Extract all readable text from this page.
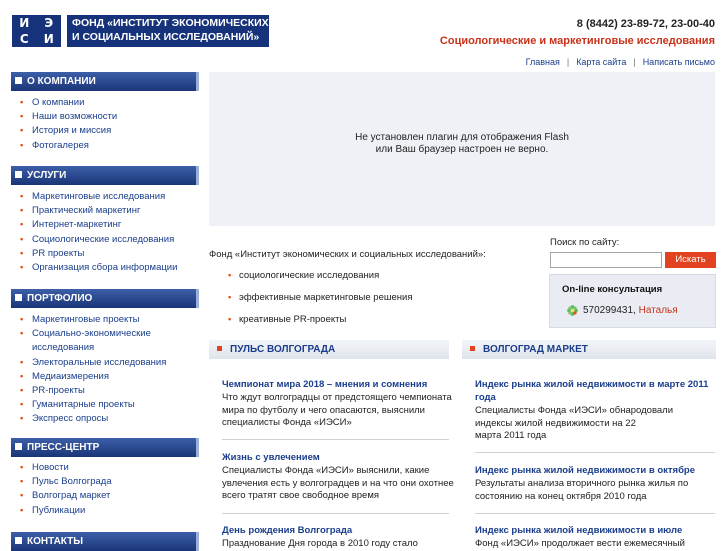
И	Э
С	И
ФОНД «ИНСТИТУТ ЭКОНОМИЧЕСКИХ
И СОЦИАЛЬНЫХ ИССЛЕДОВАНИЙ»
8 (8442) 23-89-72, 23-00-40
Социологические и маркетинговые исследования
Главная | Карта сайта | Написать письмо
О КОМПАНИИ
• О компании
• Наши возможности
• История и миссия
• Фотогалерея
УСЛУГИ
• Маркетинговые исследования
• Практический маркетинг
• Интернет-маркетинг
• Социологические исследования
• PR проекты
• Организация сбора информации
ПОРТФОЛИО
• Маркетинговые проекты
• Социально-экономические
исследования
• Электоральные исследования
• Медиаизмерения
• PR-проекты
• Гуманитарные проекты
• Экспресс опросы
ПРЕСС-ЦЕНТР
• Новости
• Пульс Волгограда
• Волгоград маркет
• Публикации
КОНТАКТЫ
Не установлен плагин для отображения Flash
или Ваш браузер настроен не верно.
Фонд «Институт экономических и социальных исследований»:
• социологические исследования
• эффективные маркетинговые решения
• креативные PR-проекты
Поиск по сайту:
Искать
On-line консультация
570299431, Наталья
ПУЛЬС ВОЛГОГРАДА
Чемпионат мира 2018 – мнения и сомнения
Что ждут волгоградцы от предстоящего чемпионата
мира по футболу и чего опасаются, выяснили
специалисты Фонда «ИЭСИ»
Жизнь с увлечением
Специалисты Фонда «ИЭСИ» выяснили, какие
увлечения есть у волгоградцев и на что они охотнее
всего тратят свое свободное время
День рождения Волгограда
Празднование Дня города в 2010 году стало
ВОЛГОГРАД МАРКЕТ
Индекс рынка жилой недвижимости в марте 2011
года
Специалисты Фонда «ИЭСИ» обнародовали
индексы жилой недвижимости на 22
марта 2011 года
Индекс рынка жилой недвижимости в октябре
Результаты анализа вторичного рынка жилья по
состоянию на конец октября 2010 года
Индекс рынка жилой недвижимости в июле
Фонд «ИЭСИ» продолжает вести ежемесячный
